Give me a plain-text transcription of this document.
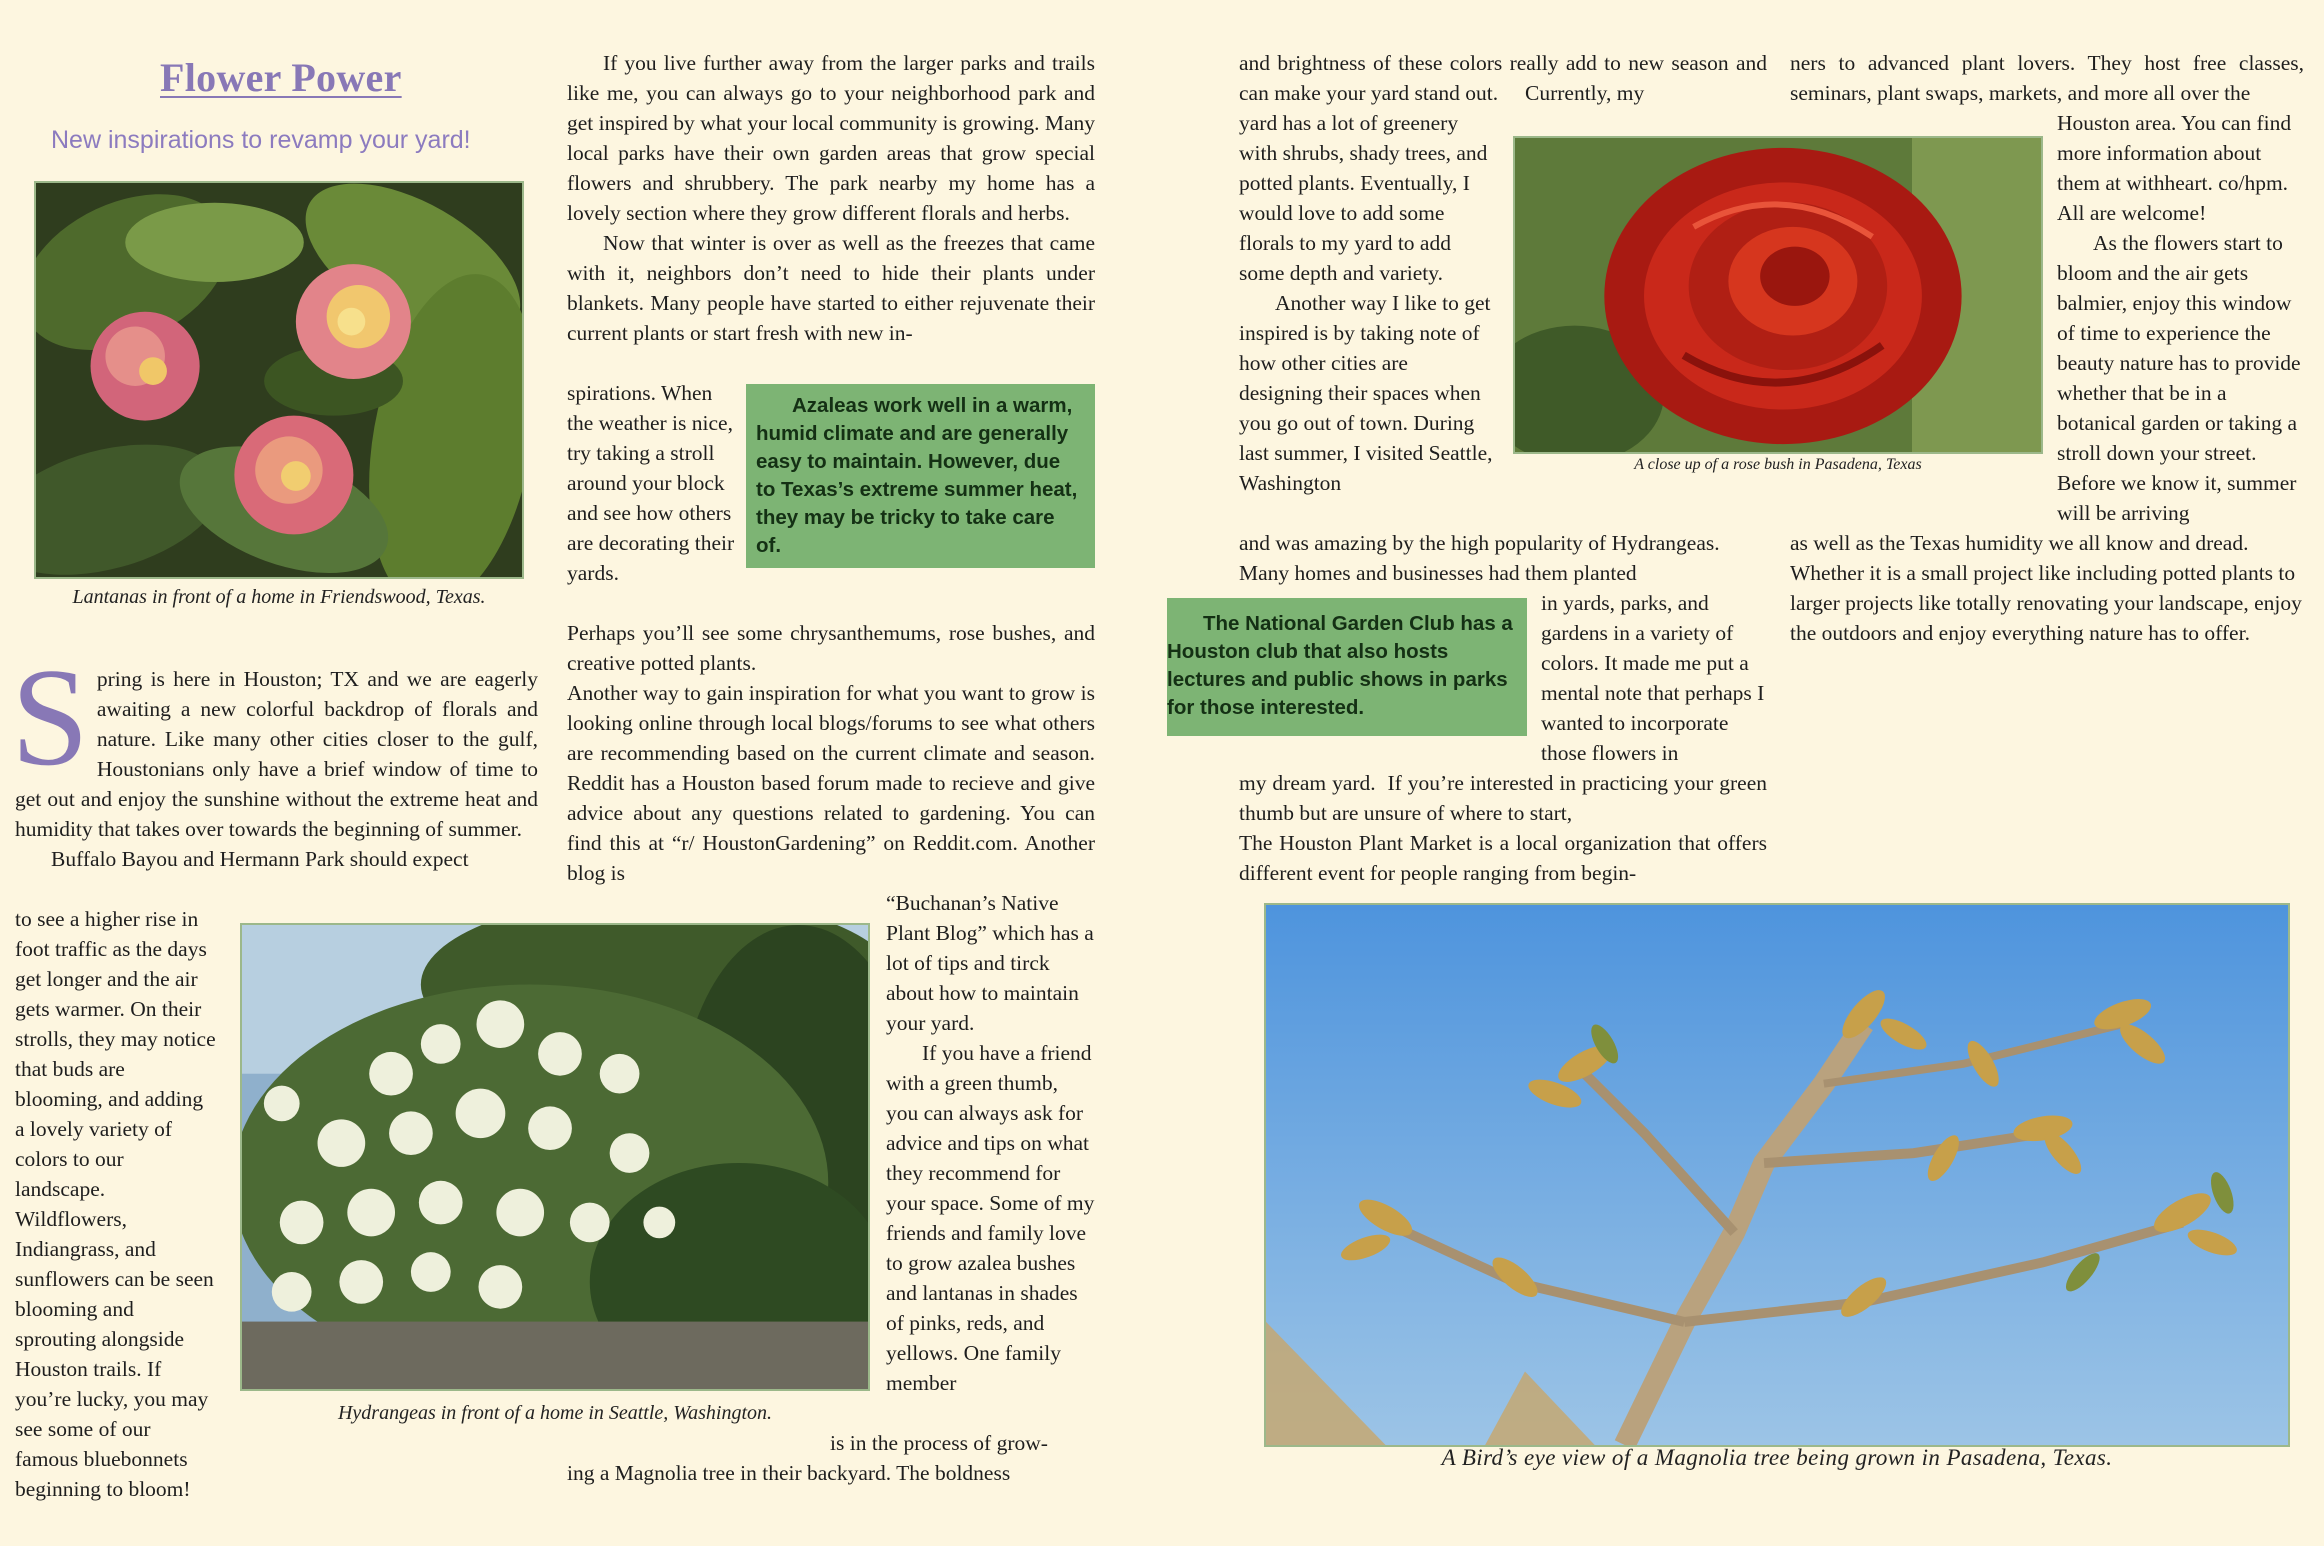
Flower Power
New inspirations to revamp your yard!
Lantanas in front of a home in Friendswood, Texas.

Spring is here in Houston; TX and we are eagerly awaiting a new colorful backdrop of florals and nature. Like many other cities closer to the gulf, Houstonians only have a brief window of time to get out and enjoy the sunshine without the extreme heat and humidity that takes over towards the beginning of summer.

Buffalo Bayou and Hermann Park should expect

to see a higher rise in foot traffic as the days get longer and the air gets warmer. On their strolls, they may notice that buds are blooming, and adding a lovely variety of colors to our landscape. Wildflowers, Indiangrass, and sunflowers can be seen blooming and sprouting alongside Houston trails. If you’re lucky, you may see some of our famous bluebonnets beginning to bloom!
Hydrangeas in front of a home in Seattle, Washington.

If you live further away from the larger parks and trails like me, you can always go to your neighborhood park and get inspired by what your local community is growing. Many local parks have their own garden areas that grow special flowers and shrubbery. The park nearby my home has a lovely section where they grow different florals and herbs.

Now that winter is over as well as the freezes that came with it, neighbors don’t need to hide their plants under blankets. Many people have started to either rejuvenate their current plants or start fresh with new in-

spirations. When the weather is nice, try taking a stroll around your block and see how others are decorating their yards.
Azaleas work well in a warm, humid climate and are generally easy to maintain. However, due to Texas’s extreme summer heat, they may be tricky to take care of.

Perhaps you’ll see some chrysanthemums, rose bushes, and creative potted plants.

Another way to gain inspiration for what you want to grow is looking online through local blogs/forums to see what others are recommending based on the current climate and season. Reddit has a Houston based forum made to recieve and give advice about any questions related to gardening. You can find this at “r/ HoustonGardening” on Reddit.com. Another blog is

“Buchanan’s Native Plant Blog” which has a lot of tips and tirck about how to maintain your yard.

If you have a friend with a green thumb, you can always ask for advice and tips on what they recommend for your space. Some of my friends and family love to grow azalea bushes and lantanas in shades of pinks, reds, and yellows. One family member

is in the process of grow-
ing a Magnolia tree in their backyard. The boldness
and brightness of these colors really add to new season and can make your yard stand out.     Currently, my

yard has a lot of greenery with shrubs, shady trees, and potted plants. Eventually, I would love to add some florals to my yard to add some depth and variety.

Another way I like to get inspired is by taking note of how other cities are designing their spaces when you go out of town. During last summer, I visited Seattle, Washington

A close up of a rose bush in Pasadena, Texas
and was amazing by the high popularity of Hydrangeas. Many homes and businesses had them planted
The National Garden Club has a Houston club that also hosts lectures and public shows in parks for those interested.
in yards, parks, and gardens in a variety of colors. It made me put a mental note that perhaps I wanted to incorporate those flowers in

my dream yard.  If you’re interested in practicing your green thumb but are unsure of where to start,

The Houston Plant Market is a local organization that offers different event for people ranging from begin-

ners to advanced plant lovers. They host free classes, seminars, plant swaps, markets, and more all over the

Houston area. You can find more information about them at withheart. co/hpm. All are welcome!

As the flowers start to bloom and the air gets balmier, enjoy this window of time to experience the beauty nature has to provide whether that be in a botanical garden or taking a stroll down your street. Before we know it, summer will be arriving

as well as the Texas humidity we all know and dread. Whether it is a small project like including potted plants to larger projects like totally renovating your landscape, enjoy the outdoors and enjoy everything nature has to offer.
A Bird’s eye view of a Magnolia tree being grown in Pasadena, Texas.
